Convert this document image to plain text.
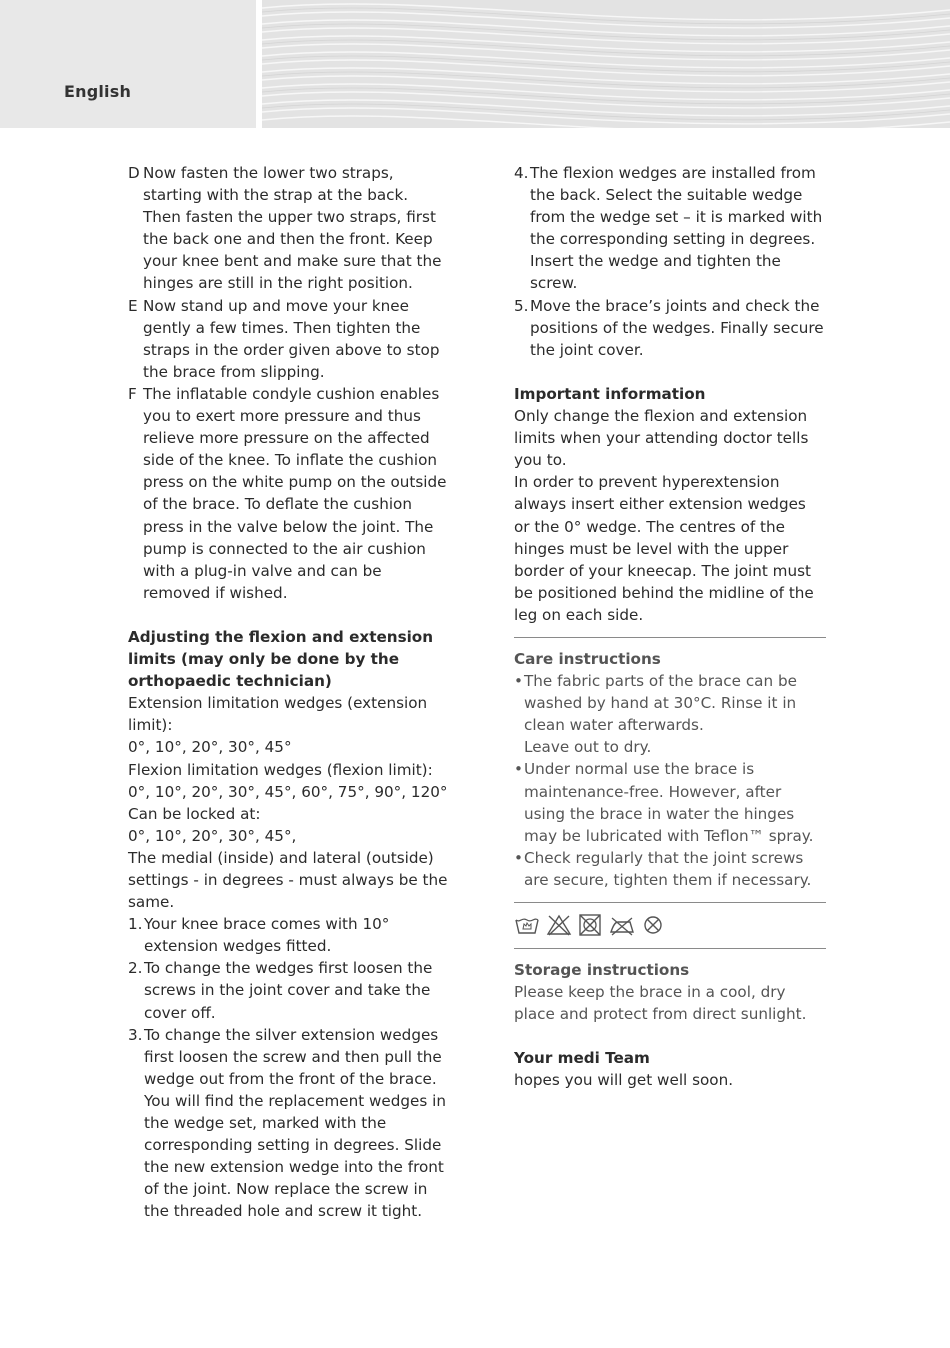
English
D Now fasten the lower two straps, starting with the strap at the back. Then fasten the upper two straps, first the back one and then the front. Keep your knee bent and make sure that the hinges are still in the right position.
E Now stand up and move your knee gently a few times. Then tighten the straps in the order given above to stop the brace from slipping.
F The inflatable condyle cushion enables you to exert more pressure and thus relieve more pressure on the affected side of the knee. To inflate the cushion press on the white pump on the outside of the brace. To deflate the cushion press in the valve below the joint. The pump is connected to the air cushion with a plug-in valve and can be removed if wished.

Adjusting the flexion and extension limits (may only be done by the orthopaedic technician)

Extension limitation wedges (extension limit):

0°, 10°, 20°, 30°, 45°

Flexion limitation wedges (flexion limit):

0°, 10°, 20°, 30°, 45°, 60°, 75°, 90°, 120°

Can be locked at:

0°, 10°, 20°, 30°, 45°,

The medial (inside) and lateral (outside) settings - in degrees - must always be the same.

1. Your knee brace comes with 10° extension wedges fitted.
2. To change the wedges first loosen the screws in the joint cover and take the cover off.
3. To change the silver extension wedges first loosen the screw and then pull the wedge out from the front of the brace. You will find the replacement wedges in the wedge set, marked with the corresponding setting in degrees. Slide the new extension wedge into the front of the joint. Now replace the screw in the threaded hole and screw it tight.
4. The flexion wedges are installed from the back. Select the suitable wedge from the wedge set – it is marked with the corresponding setting in degrees. Insert the wedge and tighten the screw.
5. Move the brace’s joints and check the positions of the wedges. Finally secure the joint cover.

Important information

Only change the flexion and extension limits when your attending doctor tells you to.

In order to prevent hyperextension always insert either extension wedges or the 0° wedge. The centres of the hinges must be level with the upper border of your kneecap. The joint must be positioned behind the midline of the leg on each side.

Care instructions

• The fabric parts of the brace can be washed by hand at 30°C. Rinse it in clean water afterwards.
Leave out to dry.
• Under normal use the brace is maintenance-free. However, after using the brace in water the hinges may be lubricated with Teflon™ spray.
• Check regularly that the joint screws are secure, tighten them if necessary.

Storage instructions

Please keep the brace in a cool, dry place and protect from direct sunlight.

Your medi Team

hopes you will get well soon.
